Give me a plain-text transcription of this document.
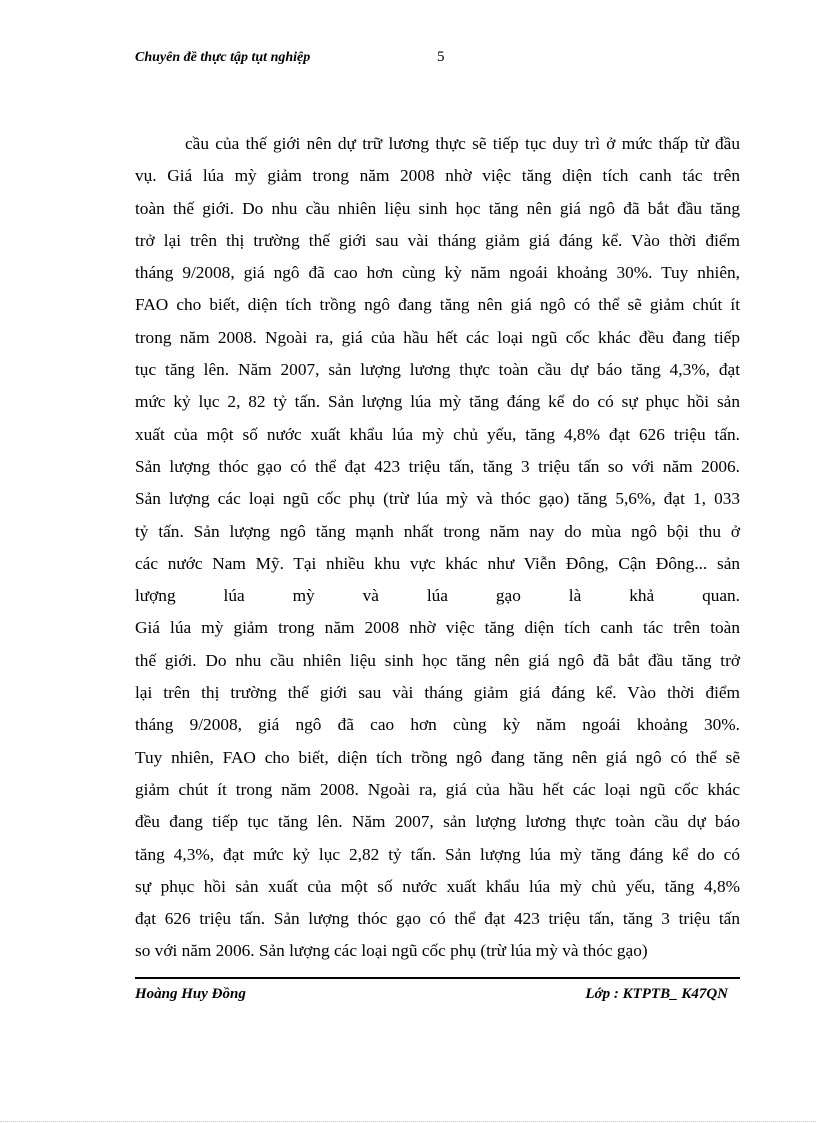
Chuyên đề thực tập tụt nghiệp	5
cầu của thế giới nên dự trữ lương thực sẽ tiếp tục duy trì ở mức thấp từ đầu
vụ. Giá lúa mỳ giảm trong năm 2008 nhờ việc tăng diện tích canh tác trên
toàn thế giới. Do nhu cầu nhiên liệu sinh học tăng nên giá ngô đã bắt đầu tăng
trở lại trên thị trường thế giới sau vài tháng giảm giá đáng kể. Vào thời điểm
tháng 9/2008, giá ngô đã cao hơn cùng kỳ năm ngoái khoảng 30%. Tuy nhiên,
FAO cho biết, diện tích trồng ngô đang tăng nên giá ngô có thể sẽ giảm chút ít
trong năm 2008. Ngoài ra, giá của hầu hết các loại ngũ cốc khác đều đang tiếp
tục tăng lên. Năm 2007, sản lượng lương thực toàn cầu dự báo tăng 4,3%, đạt
mức kỷ lục 2, 82 tỷ tấn. Sản lượng lúa mỳ tăng đáng kể do có sự phục hồi sản
xuất của một số nước xuất khẩu lúa mỳ chủ yếu, tăng 4,8% đạt 626 triệu tấn.
Sản lượng thóc gạo có thể đạt 423 triệu tấn, tăng 3 triệu tấn so với năm 2006.
Sản lượng các loại ngũ cốc phụ (trừ lúa mỳ và thóc gạo) tăng 5,6%, đạt 1, 033
tỷ tấn. Sản lượng ngô tăng mạnh nhất trong năm nay do mùa ngô bội thu ở
các nước Nam Mỹ. Tại nhiều khu vực khác như Viễn Đông, Cận Đông... sản
lượng lúa mỳ và lúa gạo là khả quan.
Giá lúa mỳ giảm trong năm 2008 nhờ việc tăng diện tích canh tác trên toàn
thế giới. Do nhu cầu nhiên liệu sinh học tăng nên giá ngô đã bắt đầu tăng trở
lại trên thị trường thế giới sau vài tháng giảm giá đáng kể. Vào thời điểm
tháng 9/2008, giá ngô đã cao hơn cùng kỳ năm ngoái khoảng 30%.
Tuy nhiên, FAO cho biết, diện tích trồng ngô đang tăng nên giá ngô có thể sẽ
giảm chút ít trong năm 2008. Ngoài ra, giá của hầu hết các loại ngũ cốc khác
đều đang tiếp tục tăng lên. Năm 2007, sản lượng lương thực toàn cầu dự báo
tăng 4,3%, đạt mức kỷ lục 2,82 tỷ tấn. Sản lượng lúa mỳ tăng đáng kể do có
sự phục hồi sản xuất của một số nước xuất khẩu lúa mỳ chủ yếu, tăng 4,8%
đạt 626 triệu tấn. Sản lượng thóc gạo có thể đạt 423 triệu tấn, tăng 3 triệu tấn
so với năm 2006. Sản lượng các loại ngũ cốc phụ (trừ lúa mỳ và thóc gạo)
Hoàng Huy Đồng	Lớp : KTPTB_ K47QN
